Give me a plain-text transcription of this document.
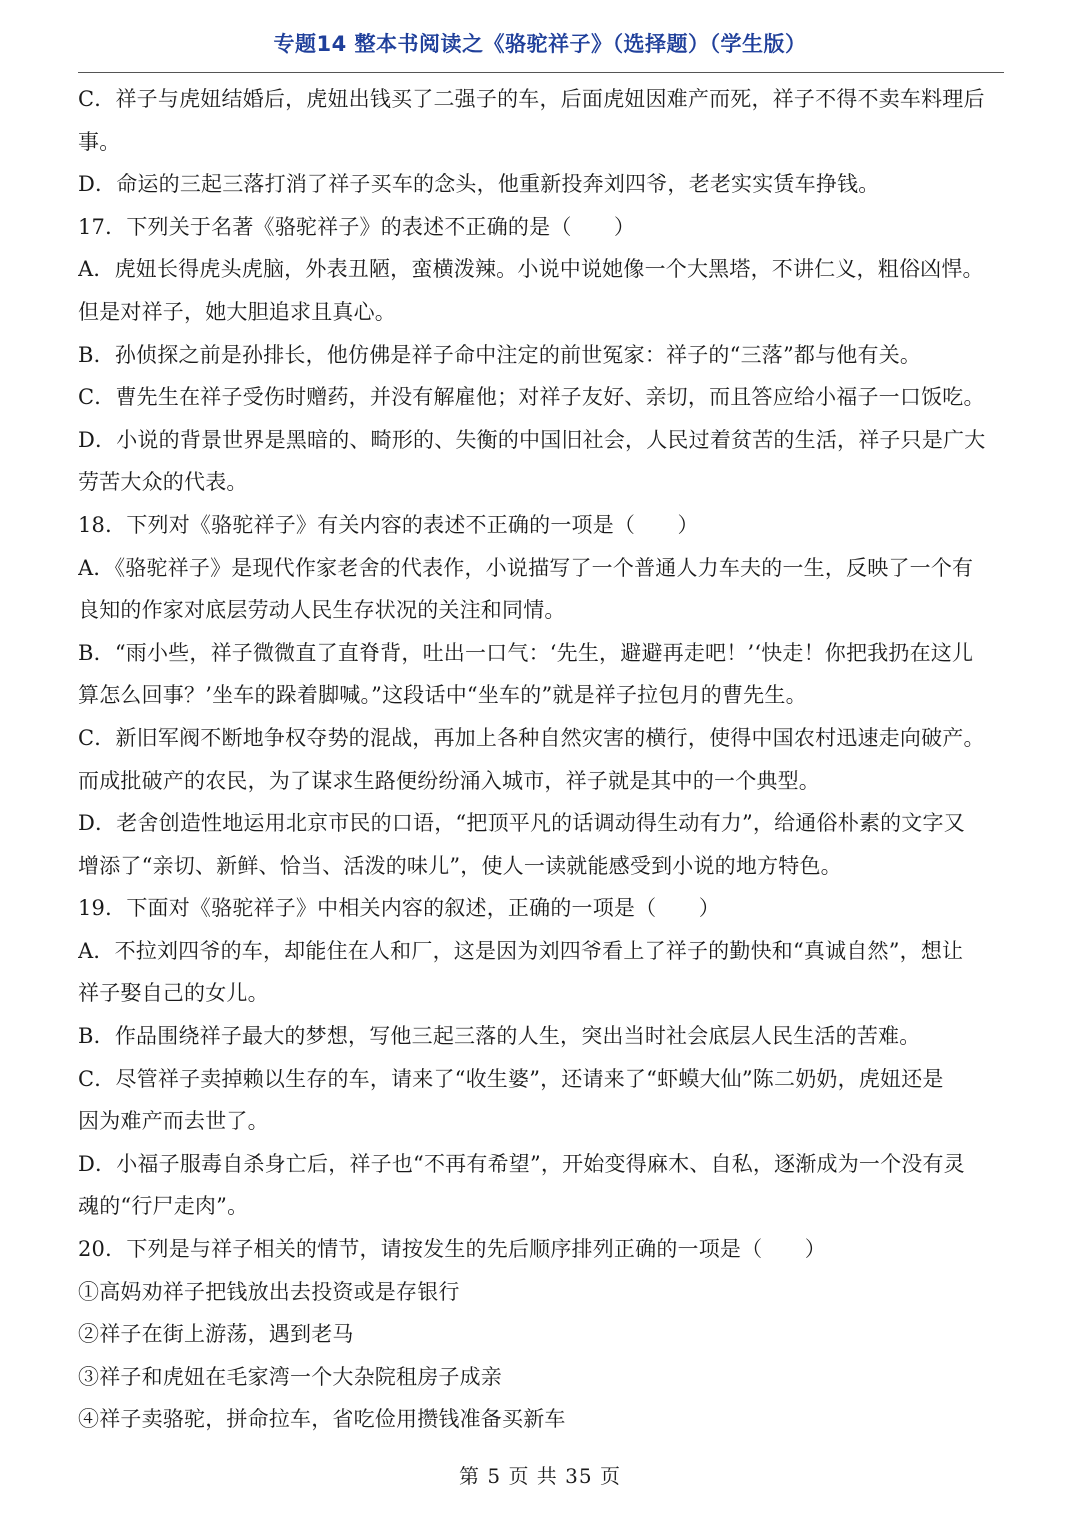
专题14 整本书阅读之《骆驼祥子》（选择题）（学生版）
C．祥子与虎妞结婚后，虎妞出钱买了二强子的车，后面虎妞因难产而死，祥子不得不卖车料理后
事。
D．命运的三起三落打消了祥子买车的念头，他重新投奔刘四爷，老老实实赁车挣钱。
17．下列关于名著《骆驼祥子》的表述不正确的是（　　）
A．虎妞长得虎头虎脑，外表丑陋，蛮横泼辣。小说中说她像一个大黑塔，不讲仁义，粗俗凶悍。
但是对祥子，她大胆追求且真心。
B．孙侦探之前是孙排长，他仿佛是祥子命中注定的前世冤家：祥子的“三落”都与他有关。
C．曹先生在祥子受伤时赠药，并没有解雇他；对祥子友好、亲切，而且答应给小福子一口饭吃。
D．小说的背景世界是黑暗的、畸形的、失衡的中国旧社会，人民过着贫苦的生活，祥子只是广大
劳苦大众的代表。
18．下列对《骆驼祥子》有关内容的表述不正确的一项是（　　）
A．《骆驼祥子》是现代作家老舍的代表作，小说描写了一个普通人力车夫的一生，反映了一个有
良知的作家对底层劳动人民生存状况的关注和同情。
B．“雨小些，祥子微微直了直脊背，吐出一口气：‘先生，避避再走吧！’‘快走！你把我扔在这儿
算怎么回事？’坐车的跺着脚喊。”这段话中“坐车的”就是祥子拉包月的曹先生。
C．新旧军阀不断地争权夺势的混战，再加上各种自然灾害的横行，使得中国农村迅速走向破产。
而成批破产的农民，为了谋求生路便纷纷涌入城市，祥子就是其中的一个典型。
D．老舍创造性地运用北京市民的口语，“把顶平凡的话调动得生动有力”，给通俗朴素的文字又
增添了“亲切、新鲜、恰当、活泼的味儿”，使人一读就能感受到小说的地方特色。
19．下面对《骆驼祥子》中相关内容的叙述，正确的一项是（　　）
A．不拉刘四爷的车，却能住在人和厂，这是因为刘四爷看上了祥子的勤快和“真诚自然”，想让
祥子娶自己的女儿。
B．作品围绕祥子最大的梦想，写他三起三落的人生，突出当时社会底层人民生活的苦难。
C．尽管祥子卖掉赖以生存的车，请来了“收生婆”，还请来了“虾蟆大仙”陈二奶奶，虎妞还是
因为难产而去世了。
D．小福子服毒自杀身亡后，祥子也“不再有希望”，开始变得麻木、自私，逐渐成为一个没有灵
魂的“行尸走肉”。
20．下列是与祥子相关的情节，请按发生的先后顺序排列正确的一项是（　　）
①高妈劝祥子把钱放出去投资或是存银行
②祥子在街上游荡，遇到老马
③祥子和虎妞在毛家湾一个大杂院租房子成亲
④祥子卖骆驼，拼命拉车，省吃俭用攒钱准备买新车
第 5 页 共 35 页
